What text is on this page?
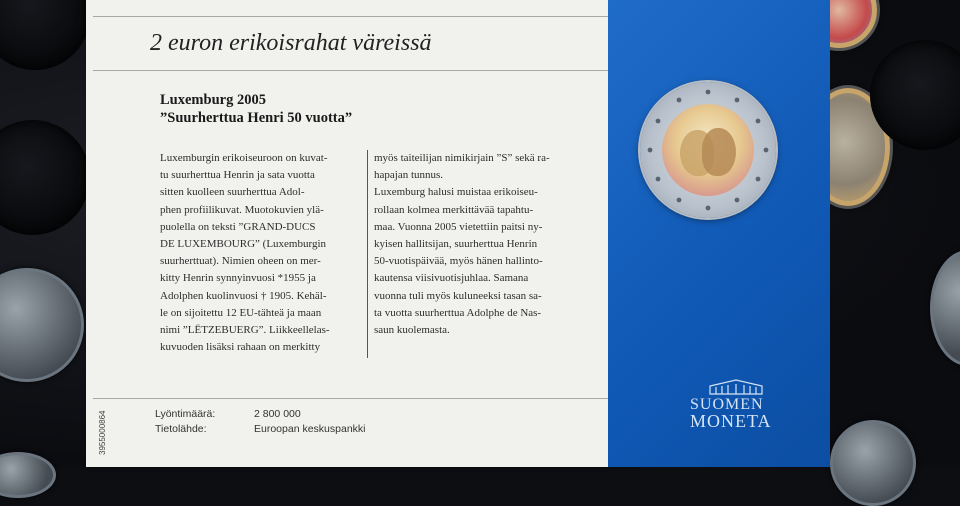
2 euron erikoisrahat väreissä
Luxemburg 2005
”Suurherttua Henri 50 vuotta”

Luxemburgin erikoiseuroon on kuvat-

tu suurherttua Henrin ja sata vuotta

sitten kuolleen suurherttua Adol-

phen profiilikuvat. Muotokuvien ylä-

puolella on teksti ”GRAND-DUCS

DE LUXEMBOURG” (Luxemburgin

suurherttuat). Nimien oheen on mer-

kitty Henrin synnyinvuosi *1955 ja

Adolphen kuolinvuosi † 1905. Kehäl-

le on sijoitettu 12 EU-tähteä ja maan

nimi ”LËTZEBUERG”. Liikkeellelas-

kuvuoden lisäksi rahaan on merkitty

myös taiteilijan nimikirjain ”S” sekä ra-

hapajan tunnus.

Luxemburg halusi muistaa erikoiseu-

rollaan kolmea merkittävää tapahtu-

maa. Vuonna 2005 vietettiin paitsi ny-

kyisen hallitsijan, suurherttua Henrin

50-vuotispäivää, myös hänen hallinto-

kautensa viisivuotisjuhlaa. Samana

vuonna tuli myös kuluneeksi tasan sa-

ta vuotta suurherttua Adolphe de Nas-

saun kuolemasta.

Lyöntimäärä:	2 800 000
Tietolähde:	Euroopan keskuspankki
3955000864
SUOMEN
MONETA
